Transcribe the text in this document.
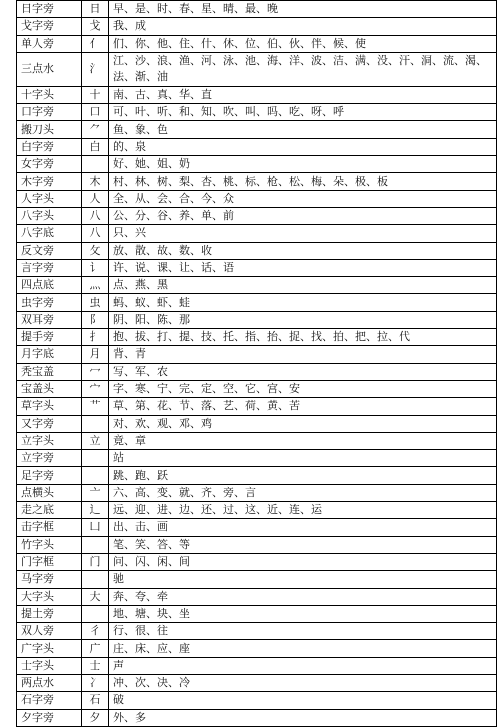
日字旁	日	早、是、时、春、星、晴、最、晚
戈字旁	戈	我、成
单人旁	亻	们、你、他、住、什、休、位、伯、伙、伴、候、使
三点水	氵	江、沙、浪、渔、河、泳、池、海、洋、波、洁、满、没、汗、洞、流、渴、法、渐、油
十字头	十	南、古、真、华、直
口字旁	口	可、叶、听、和、知、吹、叫、吗、吃、呀、呼
搬刀头	⺈	鱼、象、色
白字旁	白	的、泉
女字旁		好、她、姐、奶
木字旁	木	村、林、树、梨、杏、桃、标、枪、松、梅、朵、极、板
人字头	人	全、从、会、合、今、众
八字头	八	公、分、谷、养、单、前
八字底	八	只、兴
反文旁	攵	放、散、故、数、收
言字旁	讠	许、说、课、让、话、语
四点底	灬	点、燕、黑
虫字旁	虫	蚂、蚁、虾、蛙
双耳旁	阝	阴、阳、陈、那
提手旁	扌	抱、拔、打、提、技、托、指、抬、捉、找、拍、把、拉、代
月字底	月	背、青
秃宝盖	冖	写、军、农
宝盖头	宀	字、寒、宁、完、定、空、它、宫、安
草字头	艹	草、第、花、节、落、艺、荷、黄、苦
又字旁		对、欢、观、邓、鸡
立字头	立	竟、章
立字旁		站
足字旁		跳、跑、跃
点横头	亠	六、高、变、就、齐、旁、言
走之底	辶	远、迎、进、边、还、过、这、近、连、运
击字框	凵	出、击、画
竹字头		笔、笑、答、等
门字框	门	问、闪、闲、间
马字旁		驰
大字头	大	奔、夸、牵
提土旁		地、塘、块、坐
双人旁	彳	行、很、往
广字头	广	庄、床、应、座
士字头	士	声
两点水	冫	冲、次、决、冷
石字旁	石	破
夕字旁	夕	外、多
